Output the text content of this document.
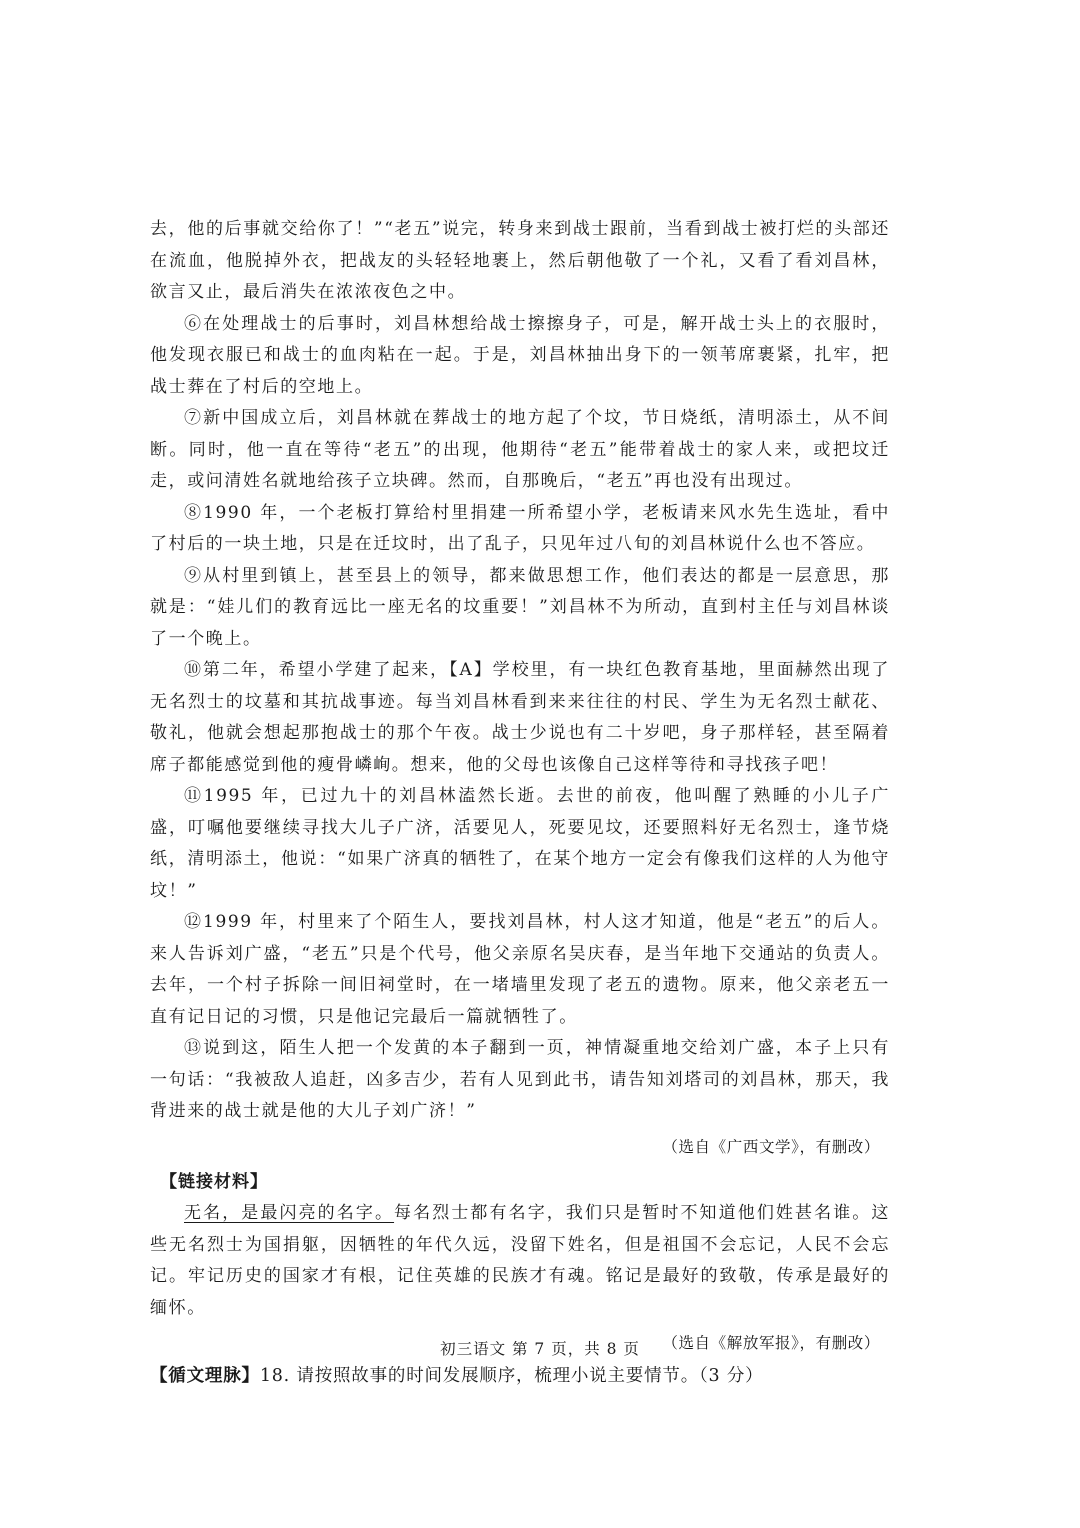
去，他的后事就交给你了！”“老五”说完，转身来到战士跟前，当看到战士被打烂的头部还在流血，他脱掉外衣，把战友的头轻轻地裹上，然后朝他敬了一个礼，又看了看刘昌林，欲言又止，最后消失在浓浓夜色之中。

⑥在处理战士的后事时，刘昌林想给战士擦擦身子，可是，解开战士头上的衣服时，他发现衣服已和战士的血肉粘在一起。于是，刘昌林抽出身下的一领苇席裹紧，扎牢，把战士葬在了村后的空地上。

⑦新中国成立后，刘昌林就在葬战士的地方起了个坟，节日烧纸，清明添土，从不间断。同时，他一直在等待“老五”的出现，他期待“老五”能带着战士的家人来，或把坟迁走，或问清姓名就地给孩子立块碑。然而，自那晚后，“老五”再也没有出现过。

⑧1990 年，一个老板打算给村里捐建一所希望小学，老板请来风水先生选址，看中了村后的一块土地，只是在迁坟时，出了乱子，只见年过八旬的刘昌林说什么也不答应。

⑨从村里到镇上，甚至县上的领导，都来做思想工作，他们表达的都是一层意思，那就是：“娃儿们的教育远比一座无名的坟重要！”刘昌林不为所动，直到村主任与刘昌林谈了一个晚上。

⑩第二年，希望小学建了起来，【A】学校里，有一块红色教育基地，里面赫然出现了无名烈士的坟墓和其抗战事迹。每当刘昌林看到来来往往的村民、学生为无名烈士献花、敬礼，他就会想起那抱战士的那个午夜。战士少说也有二十岁吧，身子那样轻，甚至隔着席子都能感觉到他的瘦骨嶙峋。想来，他的父母也该像自己这样等待和寻找孩子吧！

⑪1995 年，已过九十的刘昌林溘然长逝。去世的前夜，他叫醒了熟睡的小儿子广盛，叮嘱他要继续寻找大儿子广济，活要见人，死要见坟，还要照料好无名烈士，逢节烧纸，清明添土，他说：“如果广济真的牺牲了，在某个地方一定会有像我们这样的人为他守坟！”

⑫1999 年，村里来了个陌生人，要找刘昌林，村人这才知道，他是“老五”的后人。来人告诉刘广盛，“老五”只是个代号，他父亲原名吴庆春，是当年地下交通站的负责人。去年，一个村子拆除一间旧祠堂时，在一堵墙里发现了老五的遗物。原来，他父亲老五一直有记日记的习惯，只是他记完最后一篇就牺牲了。

⑬说到这，陌生人把一个发黄的本子翻到一页，神情凝重地交给刘广盛，本子上只有一句话：“我被敌人追赶，凶多吉少，若有人见到此书，请告知刘塔司的刘昌林，那天，我背进来的战士就是他的大儿子刘广济！”

（选自《广西文学》，有删改）

【链接材料】

无名，是最闪亮的名字。每名烈士都有名字，我们只是暂时不知道他们姓甚名谁。这些无名烈士为国捐躯，因牺牲的年代久远，没留下姓名，但是祖国不会忘记，人民不会忘记。牢记历史的国家才有根，记住英雄的民族才有魂。铭记是最好的致敬，传承是最好的缅怀。

（选自《解放军报》，有删改）

【循文理脉】18. 请按照故事的时间发展顺序，梳理小说主要情节。（3 分）

初三语文 第 7 页，共 8 页
